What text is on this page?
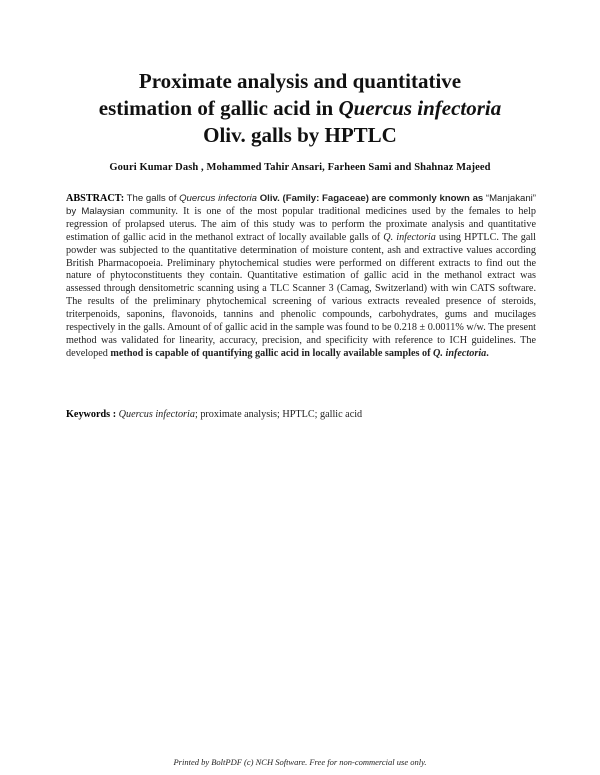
Proximate analysis and quantitative
estimation of gallic acid in Quercus infectoria
Oliv. galls by HPTLC
Gouri Kumar Dash , Mohammed Tahir Ansari, Farheen Sami and Shahnaz Majeed
ABSTRACT: The galls of Quercus infectoria Oliv. (Family: Fagaceae) are commonly known as “Manjakani” by Malaysian community. It is one of the most popular traditional medicines used by the females to help regression of prolapsed uterus. The aim of this study was to perform the proximate analysis and quantitative estimation of gallic acid in the methanol extract of locally available galls of Q. infectoria using HPTLC. The gall powder was subjected to the quantitative determination of moisture content, ash and extractive values according British Pharmacopoeia. Preliminary phytochemical studies were performed on different extracts to find out the nature of phytoconstituents they contain. Quantitative estimation of gallic acid in the methanol extract was assessed through densitometric scanning using a TLC Scanner 3 (Camag, Switzerland) with win CATS software. The results of the preliminary phytochemical screening of various extracts revealed presence of steroids, triterpenoids, saponins, flavonoids, tannins and phenolic compounds, carbohydrates, gums and mucilages respectively in the galls. Amount of of gallic acid in the sample was found to be 0.218 ± 0.0011% w/w. The present method was validated for linearity, accuracy, precision, and specificity with reference to ICH guidelines. The developed method is capable of quantifying gallic acid in locally available samples of Q. infectoria.
Keywords : Quercus infectoria; proximate analysis; HPTLC; gallic acid
Printed by BoltPDF (c) NCH Software. Free for non-commercial use only.
